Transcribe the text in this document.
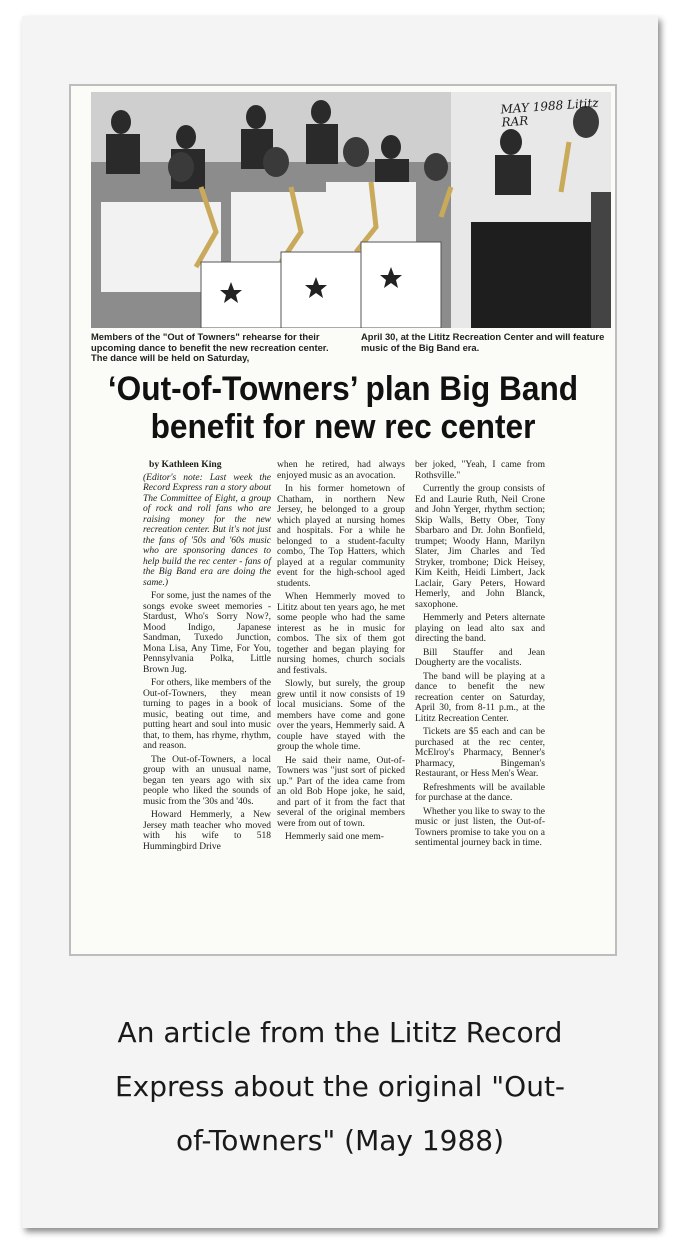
MAY 1988 Lititz RAR
Members of the "Out of Towners" rehearse for their upcoming dance to benefit the new recreation center. The dance will be held on Saturday,
April 30, at the Lititz Recreation Center and will feature music of the Big Band era.
‘Out-of-Towners’ plan Big Band
benefit for new rec center
by Kathleen King

(Editor's note: Last week the Record Express ran a story about The Committee of Eight, a group of rock and roll fans who are raising money for the new recreation center. But it's not just the fans of '50s and '60s music who are sponsoring dances to help build the rec center - fans of the Big Band era are doing the same.)

For some, just the names of the songs evoke sweet memories - Stardust, Who's Sorry Now?, Mood Indigo, Japanese Sandman, Tuxedo Junction, Mona Lisa, Any Time, For You, Pennsylvania Polka, Little Brown Jug.

For others, like members of the Out-of-Towners, they mean turning to pages in a book of music, beating out time, and putting heart and soul into music that, to them, has rhyme, rhythm, and reason.

The Out-of-Towners, a local group with an unusual name, began ten years ago with six people who liked the sounds of music from the '30s and '40s.

Howard Hemmerly, a New Jersey math teacher who moved with his wife to 518 Hummingbird Drive

when he retired, had always enjoyed music as an avocation.

In his former hometown of Chatham, in northern New Jersey, he belonged to a group which played at nursing homes and hospitals. For a while he belonged to a student-faculty combo, The Top Hatters, which played at a regular community event for the high-school aged students.

When Hemmerly moved to Lititz about ten years ago, he met some people who had the same interest as he in music for combos. The six of them got together and began playing for nursing homes, church socials and festivals.

Slowly, but surely, the group grew until it now consists of 19 local musicians. Some of the members have come and gone over the years, Hemmerly said. A couple have stayed with the group the whole time.

He said their name, Out-of-Towners was "just sort of picked up." Part of the idea came from an old Bob Hope joke, he said, and part of it from the fact that several of the original members were from out of town.

Hemmerly said one mem-

ber joked, "Yeah, I came from Rothsville."

Currently the group consists of Ed and Laurie Ruth, Neil Crone and John Yerger, rhythm section; Skip Walls, Betty Ober, Tony Sbarbaro and Dr. John Bonfield, trumpet; Woody Hann, Marilyn Slater, Jim Charles and Ted Stryker, trombone; Dick Heisey, Kim Keith, Heidi Limbert, Jack Laclair, Gary Peters, Howard Hemerly, and John Blanck, saxophone.

Hemmerly and Peters alternate playing on lead alto sax and directing the band.

Bill Stauffer and Jean Dougherty are the vocalists.

The band will be playing at a dance to benefit the new recreation center on Saturday, April 30, from 8-11 p.m., at the Lititz Recreation Center.

Tickets are $5 each and can be purchased at the rec center, McElroy's Pharmacy, Benner's Pharmacy, Bingeman's Restaurant, or Hess Men's Wear.

Refreshments will be available for purchase at the dance.

Whether you like to sway to the music or just listen, the Out-of-Towners promise to take you on a sentimental journey back in time.

An article from the Lititz Record
Express about the original "Out-
of-Towners" (May 1988)
